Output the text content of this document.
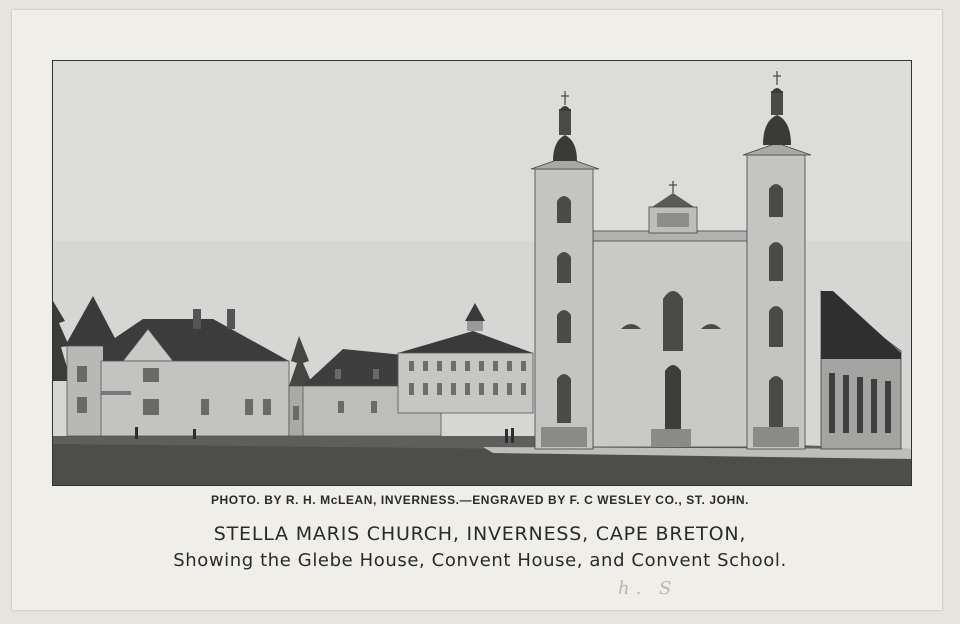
PHOTO. BY R. H. McLEAN, INVERNESS.—ENGRAVED BY F. C WESLEY CO., ST. JOHN.
STELLA MARIS CHURCH, INVERNESS, CAPE BRETON,
Showing the Glebe House, Convent House, and Convent School.
h. S
